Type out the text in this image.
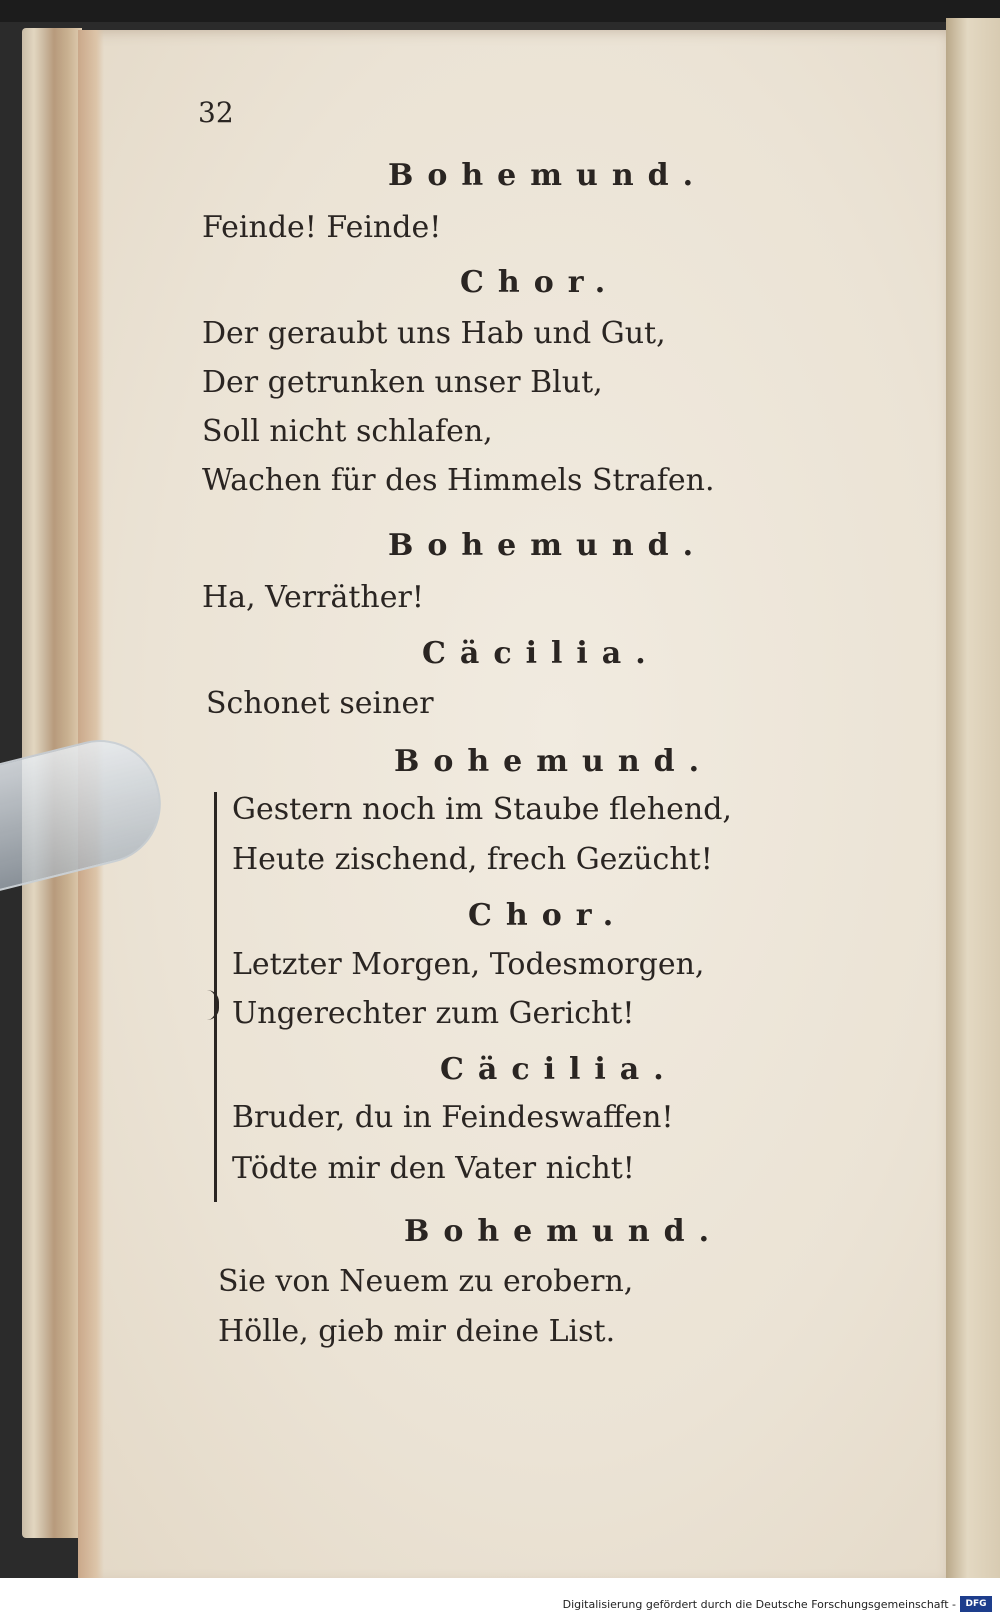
32
Bohemund.
Feinde! Feinde!
Chor.
Der geraubt uns Hab und Gut,
Der getrunken unser Blut,
Soll nicht schlafen,
Wachen für des Himmels Strafen.
Bohemund.
Ha, Verräther!
Cäcilia.
Schonet seiner
Bohemund.
Gestern noch im Staube flehend,
Heute zischend, frech Gezücht!
Chor.
Letzter Morgen, Todesmorgen,
Ungerechter zum Gericht!
Cäcilia.
Bruder, du in Feindeswaffen!
Tödte mir den Vater nicht!
Bohemund.
Sie von Neuem zu erobern,
Hölle, gieb mir deine List.
Digitalisierung gefördert durch die Deutsche Forschungsgemeinschaft -	DFG
